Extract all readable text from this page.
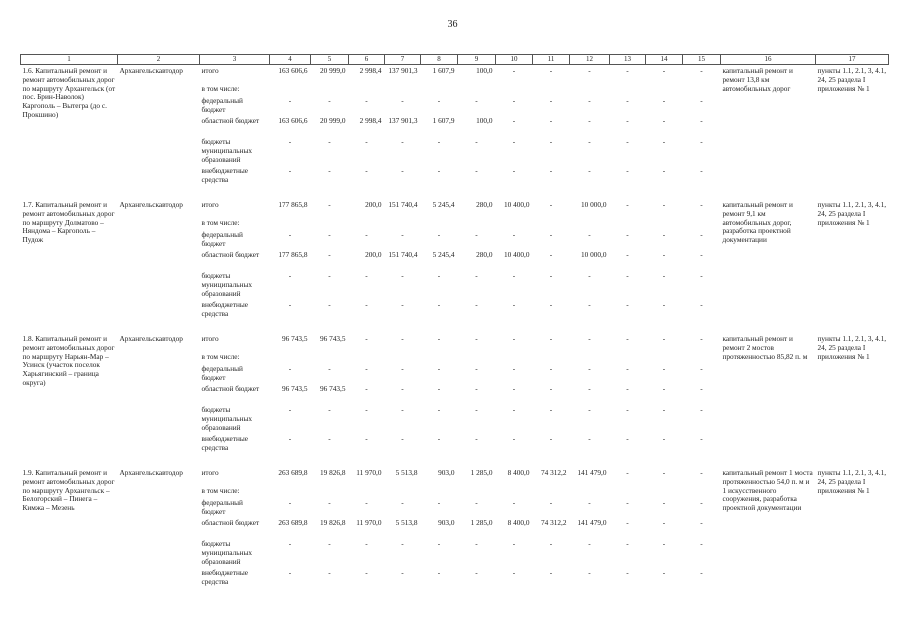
36
1	2	3	4	5	6	7	8	9	10	11	12	13	14	15	16	17
1.6. Капитальный ремонт и ремонт автомобильных дорог по маршруту Архангельск (от пос. Брин-Наволок) Каргополь – Вытегра (до с. Прокшино)	Архангельскавтодор	итого	163 606,6	20 999,0	2 998,4	137 901,3	1 607,9	100,0	-	-	-	-	-	-	капитальный ремонт и ремонт 13,8 км автомобильных дорог	пункты 1.1, 2.1, 3, 4.1, 24, 25 раздела I приложения № 1
		в том числе:														
		федеральный бюджет	-	-	-	-	-	-	-	-	-	-	-	-		
		областной бюджет	163 606,6	20 999,0	2 998,4	137 901,3	1 607,9	100,0	-	-	-	-	-	-		
		бюджеты муниципальных образований	-	-	-	-	-	-	-	-	-	-	-	-		
		внебюджетные средства	-	-	-	-	-	-	-	-	-	-	-	-		
1.7. Капитальный ремонт и ремонт автомобильных дорог по маршруту Долматово – Няндома – Каргополь – Пудож	Архангельскавтодор	итого	177 865,8	-	200,0	151 740,4	5 245,4	280,0	10 400,0	-	10 000,0	-	-	-	капитальный ремонт и ремонт 9,1 км автомобильных дорог, разработка проектной документации	пункты 1.1, 2.1, 3, 4.1, 24, 25 раздела I приложения № 1
		в том числе:														
		федеральный бюджет	-	-	-	-	-	-	-	-	-	-	-	-		
		областной бюджет	177 865,8	-	200,0	151 740,4	5 245,4	280,0	10 400,0	-	10 000,0	-	-	-		
		бюджеты муниципальных образований	-	-	-	-	-	-	-	-	-	-	-	-		
		внебюджетные средства	-	-	-	-	-	-	-	-	-	-	-	-		
1.8. Капитальный ремонт и ремонт автомобильных дорог по маршруту Нарьян-Мар – Усинск (участок поселок Харьягинский – граница округа)	Архангельскавтодор	итого	96 743,5	96 743,5	-	-	-	-	-	-	-	-	-	-	капитальный ремонт и ремонт 2 мостов протяженностью 85,82 п. м	пункты 1.1, 2.1, 3, 4.1, 24, 25 раздела I приложения № 1
		в том числе:														
		федеральный бюджет	-	-	-	-	-	-	-	-	-	-	-	-		
		областной бюджет	96 743,5	96 743,5	-	-	-	-	-	-	-	-	-	-		
		бюджеты муниципальных образований	-	-	-	-	-	-	-	-	-	-	-	-		
		внебюджетные средства	-	-	-	-	-	-	-	-	-	-	-	-		
1.9. Капитальный ремонт и ремонт автомобильных дорог по маршруту Архангельск – Белогорский – Пинега – Кимжа – Мезень	Архангельскавтодор	итого	263 689,8	19 826,8	11 970,0	5 513,8	903,0	1 285,0	8 400,0	74 312,2	141 479,0	-	-	-	капитальный ремонт 1 моста протяженностью 54,0 п. м и 1 искусственного сооружения, разработка проектной документации	пункты 1.1, 2.1, 3, 4.1, 24, 25 раздела I приложения № 1
		в том числе:														
		федеральный бюджет	-	-	-	-	-	-	-	-	-	-	-	-		
		областной бюджет	263 689,8	19 826,8	11 970,0	5 513,8	903,0	1 285,0	8 400,0	74 312,2	141 479,0	-	-	-		
		бюджеты муниципальных образований	-	-	-	-	-	-	-	-	-	-	-	-		
		внебюджетные средства	-	-	-	-	-	-	-	-	-	-	-	-		
